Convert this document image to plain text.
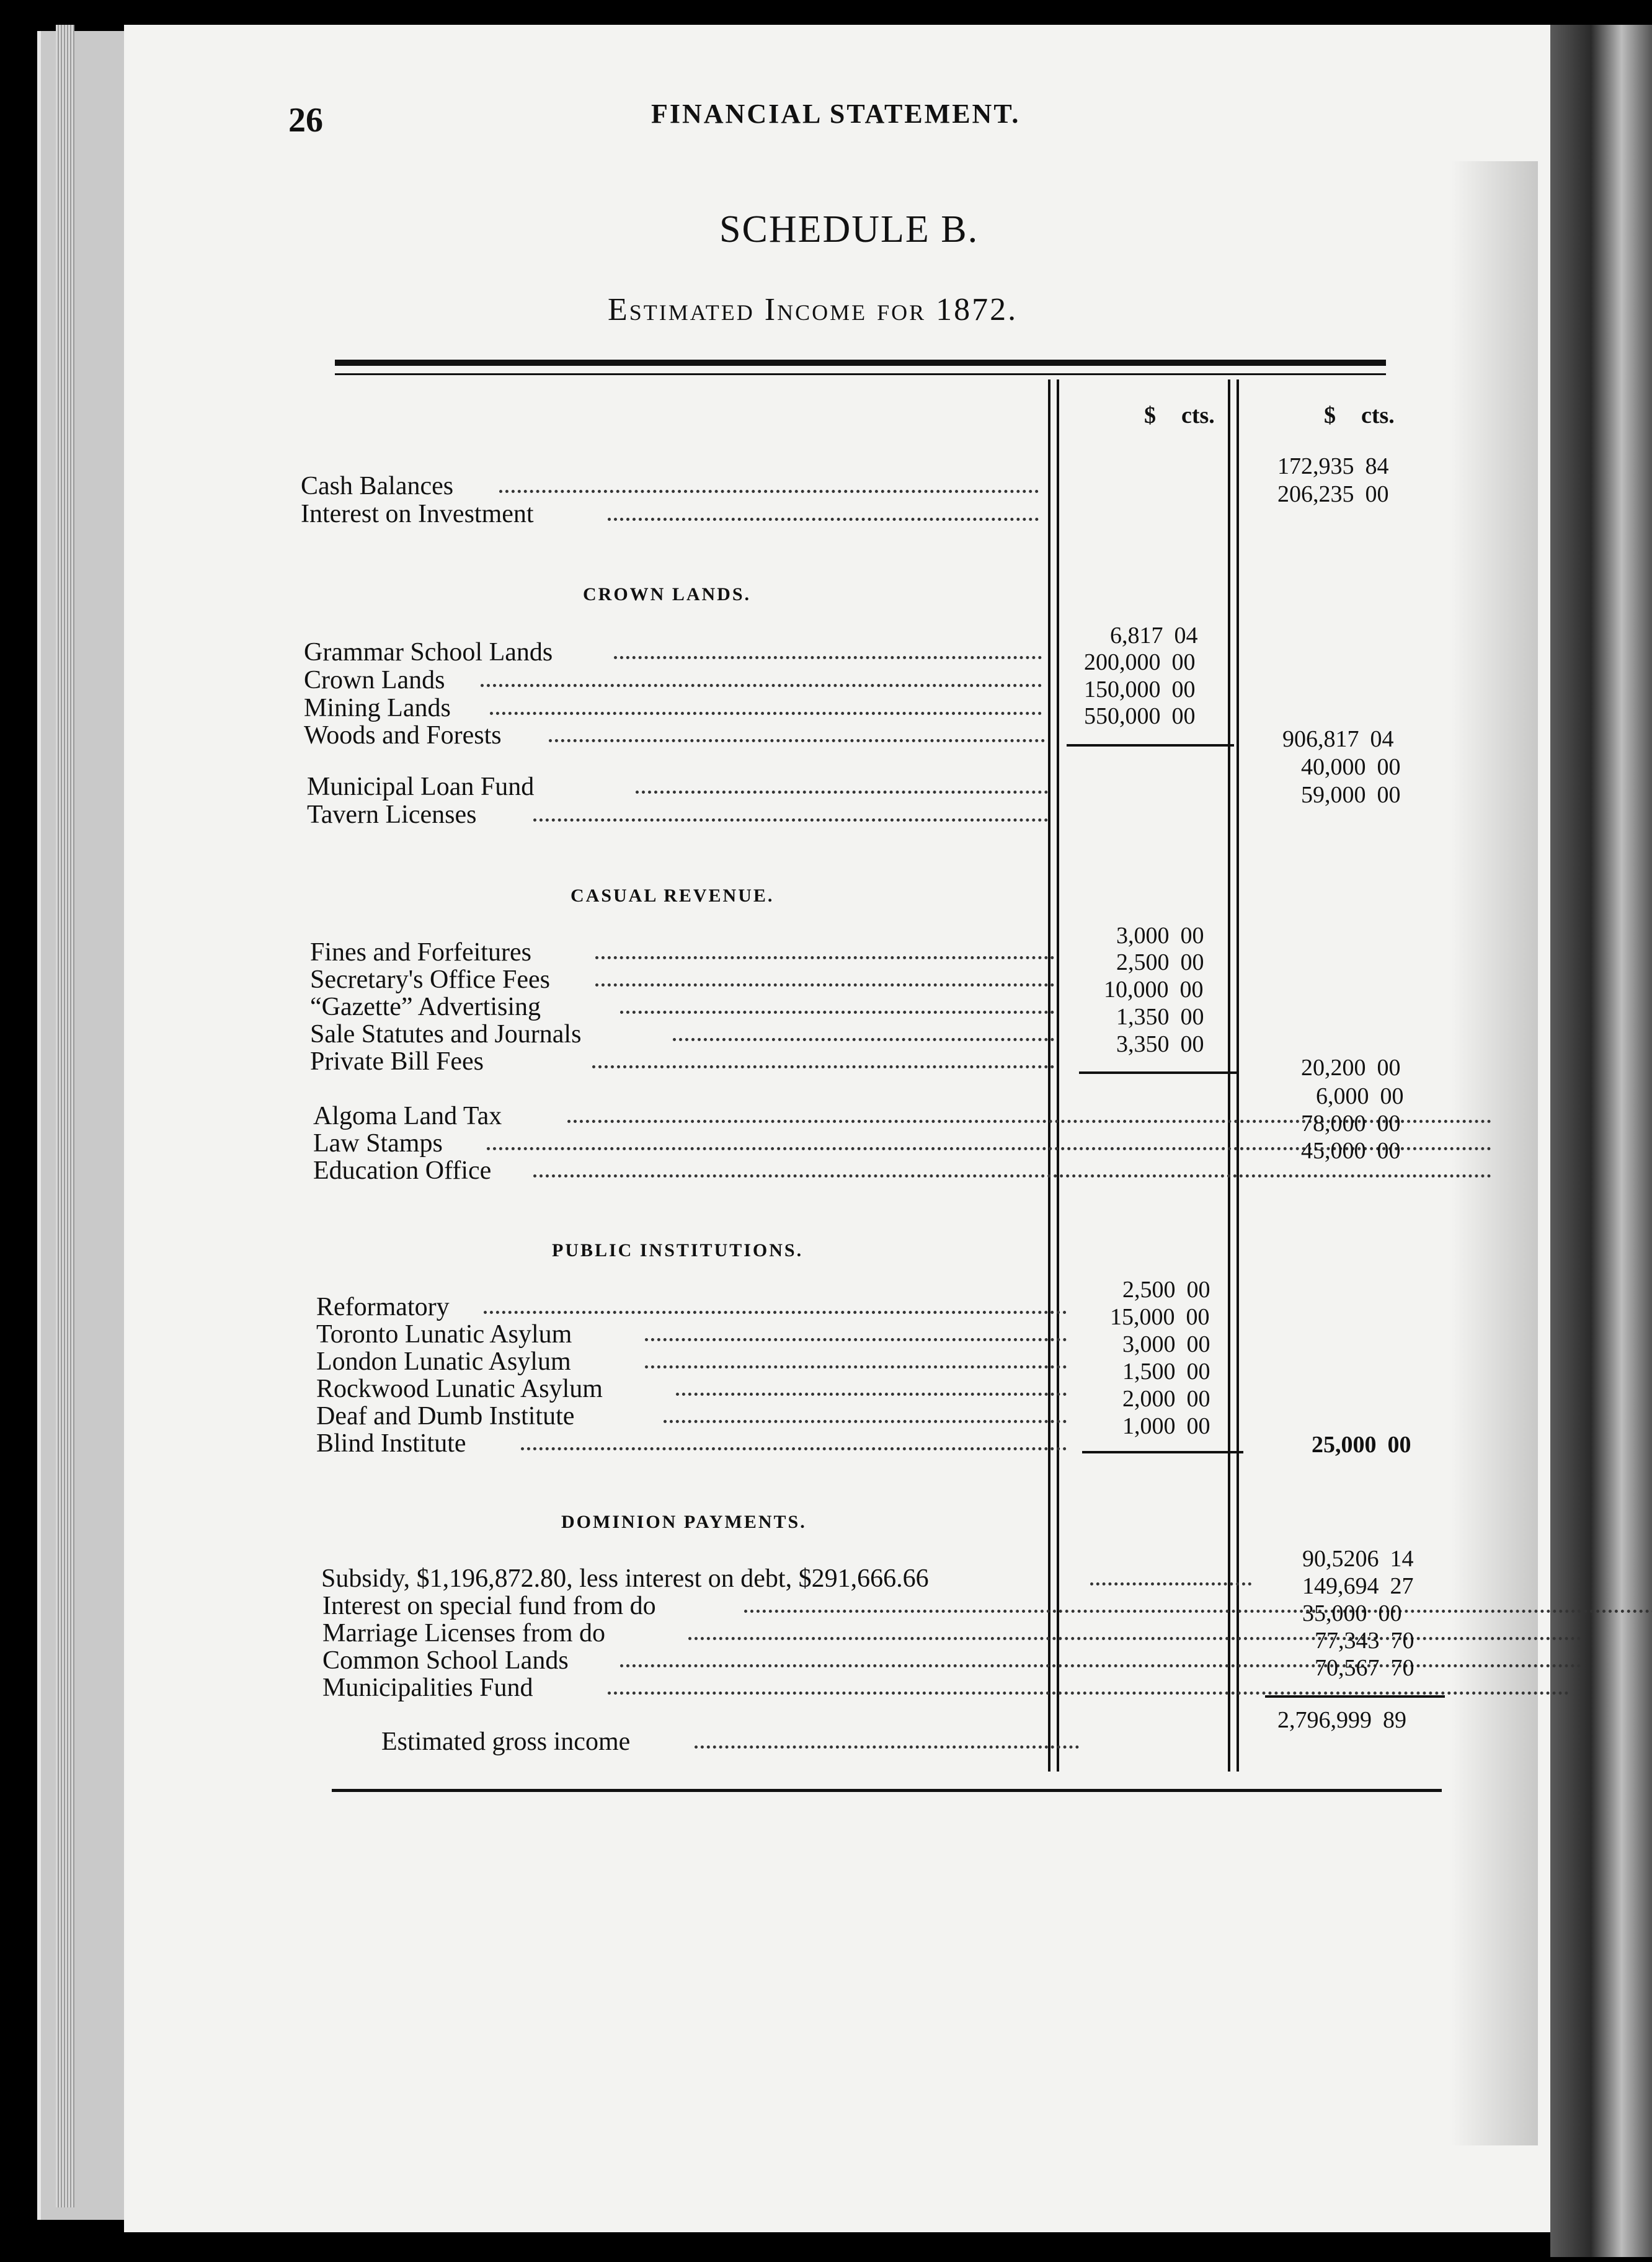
26	FINANCIAL STATEMENT.
SCHEDULE B.
Estimated Income for 1872.
$ cts.	$ cts.
Cash Balances
172,935 84
Interest on Investment
206,235 00
CROWN LANDS.
Grammar School Lands
6,817 04
Crown Lands
200,000 00
Mining Lands
150,000 00
Woods and Forests
550,000 00
906,817 04
Municipal Loan Fund
40,000 00
Tavern Licenses
59,000 00
CASUAL REVENUE.
Fines and Forfeitures
3,000 00
Secretary's Office Fees
2,500 00
“Gazette” Advertising
10,000 00
Sale Statutes and Journals
1,350 00
Private Bill Fees
3,350 00
20,200 00
Algoma Land Tax
6,000 00
Law Stamps
78,000 00
Education Office
45,000 00
PUBLIC INSTITUTIONS.
Reformatory
2,500 00
Toronto Lunatic Asylum
15,000 00
London Lunatic Asylum
3,000 00
Rockwood Lunatic Asylum
1,500 00
Deaf and Dumb Institute
2,000 00
Blind Institute
1,000 00
25,000 00
DOMINION PAYMENTS.
Subsidy, $1,196,872.80, less interest on debt, $291,666.66
90,5206 14
Interest on special fund from do
149,694 27
Marriage Licenses from do
35,000 00
Common School Lands
77,343 70
Municipalities Fund
70,567 70
Estimated gross income
2,796,999 89
